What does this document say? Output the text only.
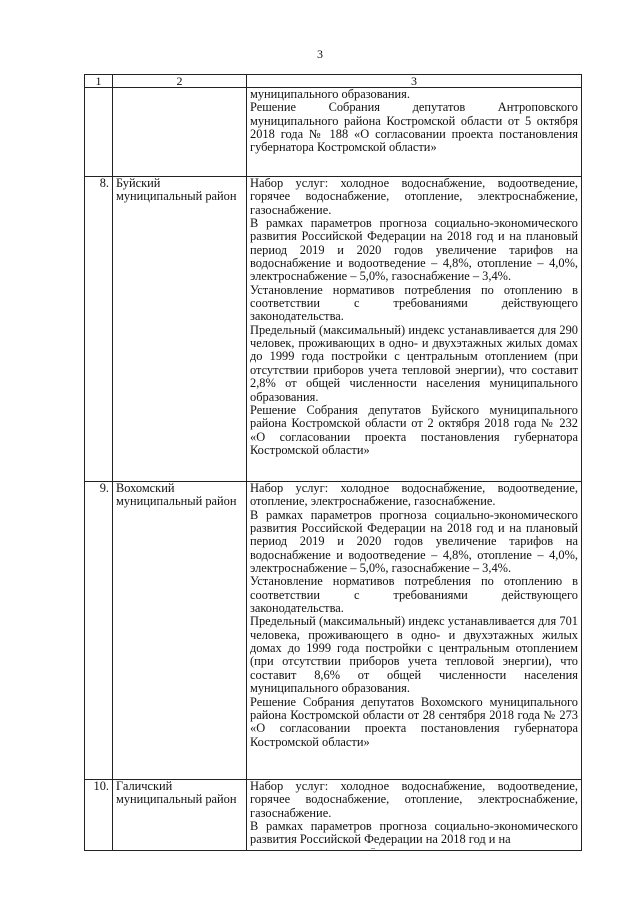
3
1	2	3

		муниципального образования.
Решение Собрания депутатов Антроповского муниципального района Костромской области от 5 октября 2018 года № 188 «О согласовании проекта постановления губернатора Костромской области»

8.	Буйский муниципальный район	Набор услуг: холодное водоснабжение, водоотведение, горячее водоснабжение, отопление, электроснабжение, газоснабжение.
В рамках параметров прогноза социально-экономического развития Российской Федерации на 2018 год и на плановый период 2019 и 2020 годов увеличение тарифов на водоснабжение и водоотведение – 4,8%, отопление – 4,0%, электроснабжение – 5,0%, газоснабжение – 3,4%.
Установление нормативов потребления по отоплению в соответствии с требованиями действующего законодательства.
Предельный (максимальный) индекс устанавливается для 290 человек, проживающих в одно- и двухэтажных жилых домах до 1999 года постройки с центральным отоплением (при отсутствии приборов учета тепловой энергии), что составит 2,8% от общей численности населения муниципального образования.
Решение Собрания депутатов Буйского муниципального района Костромской области от 2 октября 2018 года № 232 «О согласовании проекта постановления губернатора Костромской области»

9.	Вохомский муниципальный район	Набор услуг: холодное водоснабжение, водоотведение, отопление, электроснабжение, газоснабжение.
В рамках параметров прогноза социально-экономического развития Российской Федерации на 2018 год и на плановый период 2019 и 2020 годов увеличение тарифов на водоснабжение и водоотведение – 4,8%, отопление – 4,0%, электроснабжение – 5,0%, газоснабжение – 3,4%.
Установление нормативов потребления по отоплению в соответствии с требованиями действующего законодательства.
Предельный (максимальный) индекс устанавливается для 701 человека, проживающего в одно- и двухэтажных жилых домах до 1999 года постройки с центральным отоплением (при отсутствии приборов учета тепловой энергии), что составит 8,6% от общей численности населения муниципального образования.
Решение Собрания депутатов Вохомского муниципального района Костромской области от 28 сентября 2018 года № 273 «О согласовании проекта постановления губернатора Костромской области»

10.	Галичский муниципальный район	Набор услуг: холодное водоснабжение, водоотведение, горячее водоснабжение, отопление, электроснабжение, газоснабжение.
В рамках параметров прогноза социально-экономического развития Российской Федерации на 2018 год и на
